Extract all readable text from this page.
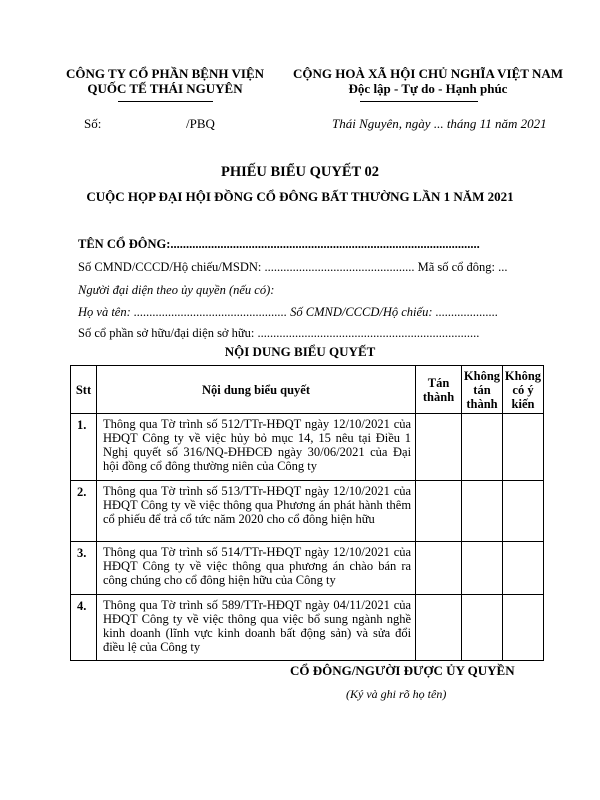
CÔNG TY CỔ PHẦN BỆNH VIỆN
QUỐC TẾ THÁI NGUYÊN
CỘNG HOÀ XÃ HỘI CHỦ NGHĨA VIỆT NAM
Độc lập - Tự do - Hạnh phúc
Số:	/PBQ	Thái Nguyên, ngày ... tháng 11 năm 2021
PHIẾU BIỂU QUYẾT 02
CUỘC HỌP ĐẠI HỘI ĐỒNG CỔ ĐÔNG BẤT THƯỜNG LẦN 1 NĂM 2021
TÊN CỔ ĐÔNG:...................................................................................................
Số CMND/CCCD/Hộ chiếu/MSDN: ................................................ Mã số cổ đông: ...
Người đại diện theo ủy quyền (nếu có):
Họ và tên: ................................................. Số CMND/CCCD/Hộ chiếu: ....................
Số cổ phần sở hữu/đại diện sở hữu: .......................................................................
NỘI DUNG BIỂU QUYẾT
Stt	Nội dung biểu quyết	Tán thành	Không tán thành	Không có ý kiến
1.	Thông qua Tờ trình số 512/TTr-HĐQT ngày 12/10/2021 của HĐQT Công ty về việc hủy bỏ mục 14, 15 nêu tại Điều 1 Nghị quyết số 316/NQ-ĐHĐCĐ ngày 30/06/2021 của Đại hội đồng cổ đông thường niên của Công ty			
2.	Thông qua Tờ trình số 513/TTr-HĐQT ngày 12/10/2021 của HĐQT Công ty về việc thông qua Phương án phát hành thêm cổ phiếu để trả cổ tức năm 2020 cho cổ đông hiện hữu			
3.	Thông qua Tờ trình số 514/TTr-HĐQT ngày 12/10/2021 của HĐQT Công ty về việc thông qua phương án chào bán ra công chúng cho cổ đông hiện hữu của Công ty			
4.	Thông qua Tờ trình số 589/TTr-HĐQT ngày 04/11/2021 của HĐQT Công ty về việc thông qua việc bổ sung ngành nghề kinh doanh (lĩnh vực kinh doanh bất động sản) và sửa đổi điều lệ của Công ty			
CỔ ĐÔNG/NGƯỜI ĐƯỢC ỦY QUYỀN
(Ký và ghi rõ họ tên)
